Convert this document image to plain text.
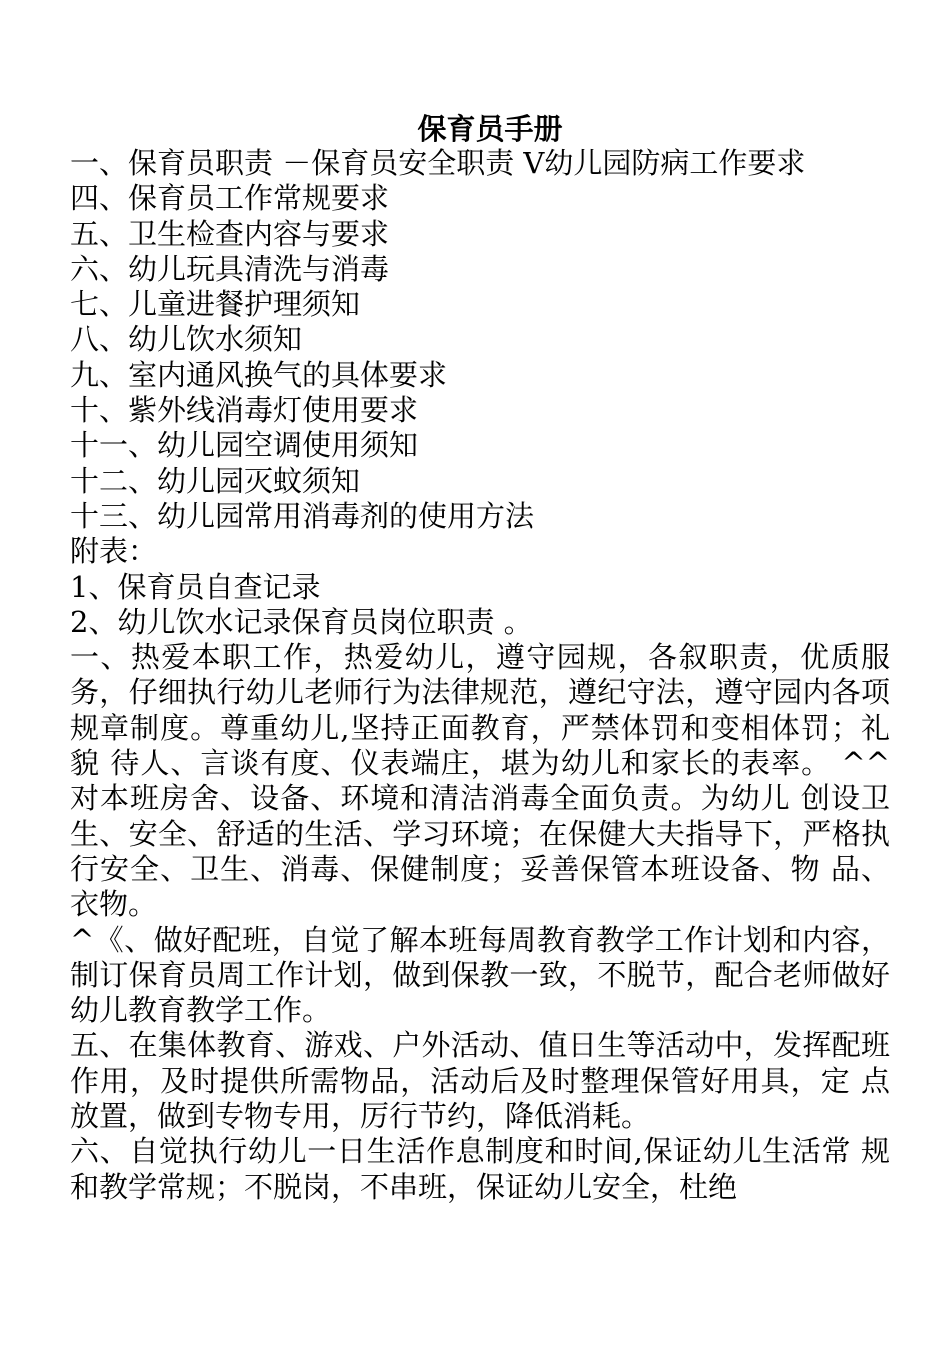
保育员手册
一、保育员职责 －保育员安全职责 V幼儿园防病工作要求
四、保育员工作常规要求
五、卫生检查内容与要求
六、幼儿玩具清洗与消毒
七、儿童进餐护理须知
八、幼儿饮水须知
九、室内通风换气的具体要求
十、紫外线消毒灯使用要求
十一、幼儿园空调使用须知
十二、幼儿园灭蚊须知
十三、幼儿园常用消毒剂的使用方法

附表：

1、保育员自查记录

2、幼儿饮水记录保育员岗位职责 。

一、热爱本职工作，热爱幼儿，遵守园规，各叙职责，优质服务，仔细执行幼儿老师行为法律规范，遵纪守法，遵守园内各项规章制度。尊重幼儿,坚持正面教育，严禁体罚和变相体罚；礼貌 待人、言谈有度、仪表端庄，堪为幼儿和家长的表率。 ^^对本班房舍、设备、环境和清洁消毒全面负责。为幼儿 创设卫生、安全、舒适的生活、学习环境；在保健大夫指导下，严格执行安全、卫生、消毒、保健制度；妥善保管本班设备、物 品、衣物。

^《、做好配班，自觉了解本班每周教育教学工作计划和内容， 制订保育员周工作计划，做到保教一致，不脱节，配合老师做好 幼儿教育教学工作。

五、在集体教育、游戏、户外活动、值日生等活动中，发挥配班作用，及时提供所需物品，活动后及时整理保管好用具，定 点放置，做到专物专用，厉行节约，降低消耗。

六、自觉执行幼儿一日生活作息制度和时间,保证幼儿生活常 规和教学常规；不脱岗，不串班，保证幼儿安全，杜绝
